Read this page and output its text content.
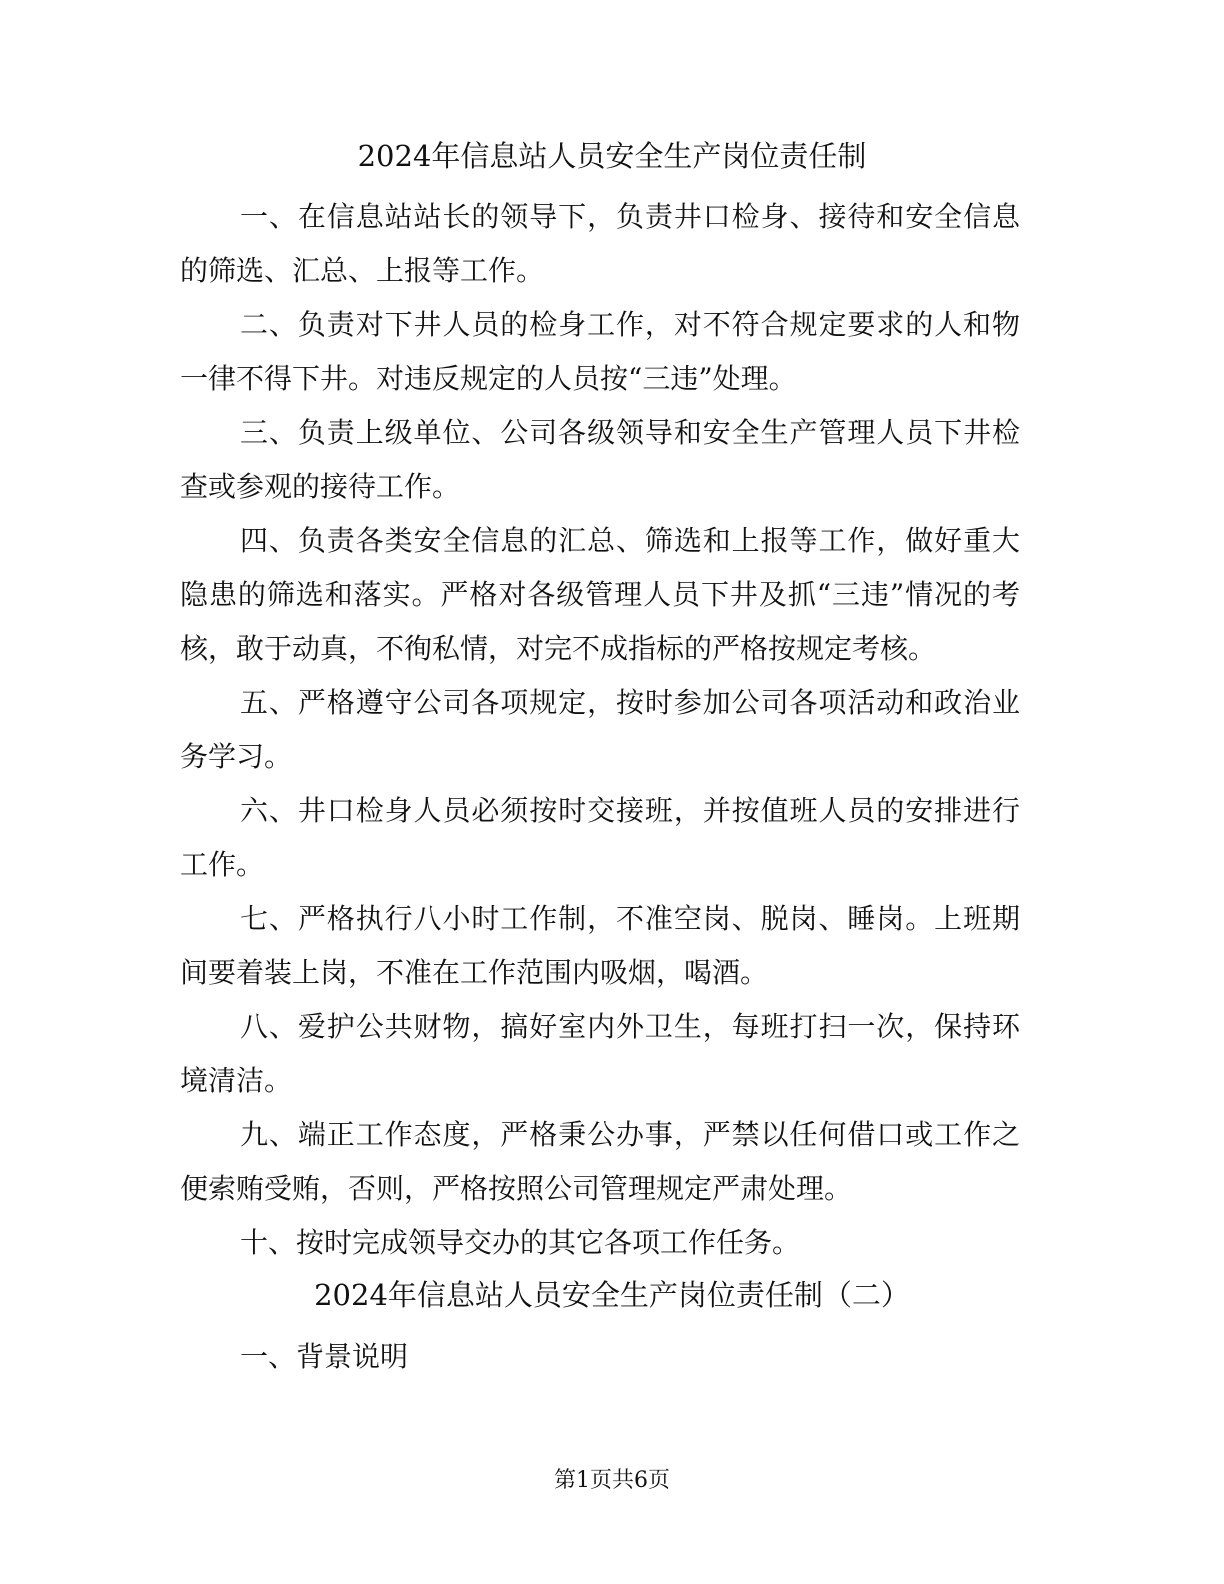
2024年信息站人员安全生产岗位责任制

一、在信息站站长的领导下，负责井口检身、接待和安全信息的筛选、汇总、上报等工作。

二、负责对下井人员的检身工作，对不符合规定要求的人和物一律不得下井。对违反规定的人员按“三违”处理。

三、负责上级单位、公司各级领导和安全生产管理人员下井检查或参观的接待工作。

四、负责各类安全信息的汇总、筛选和上报等工作，做好重大隐患的筛选和落实。严格对各级管理人员下井及抓“三违”情况的考核，敢于动真，不徇私情，对完不成指标的严格按规定考核。

五、严格遵守公司各项规定，按时参加公司各项活动和政治业务学习。

六、井口检身人员必须按时交接班，并按值班人员的安排进行工作。

七、严格执行八小时工作制，不准空岗、脱岗、睡岗。上班期间要着装上岗，不准在工作范围内吸烟，喝酒。

八、爱护公共财物，搞好室内外卫生，每班打扫一次，保持环境清洁。

九、端正工作态度，严格秉公办事，严禁以任何借口或工作之便索贿受贿，否则，严格按照公司管理规定严肃处理。

十、按时完成领导交办的其它各项工作任务。

2024年信息站人员安全生产岗位责任制（二）

一、背景说明

第1页共6页
